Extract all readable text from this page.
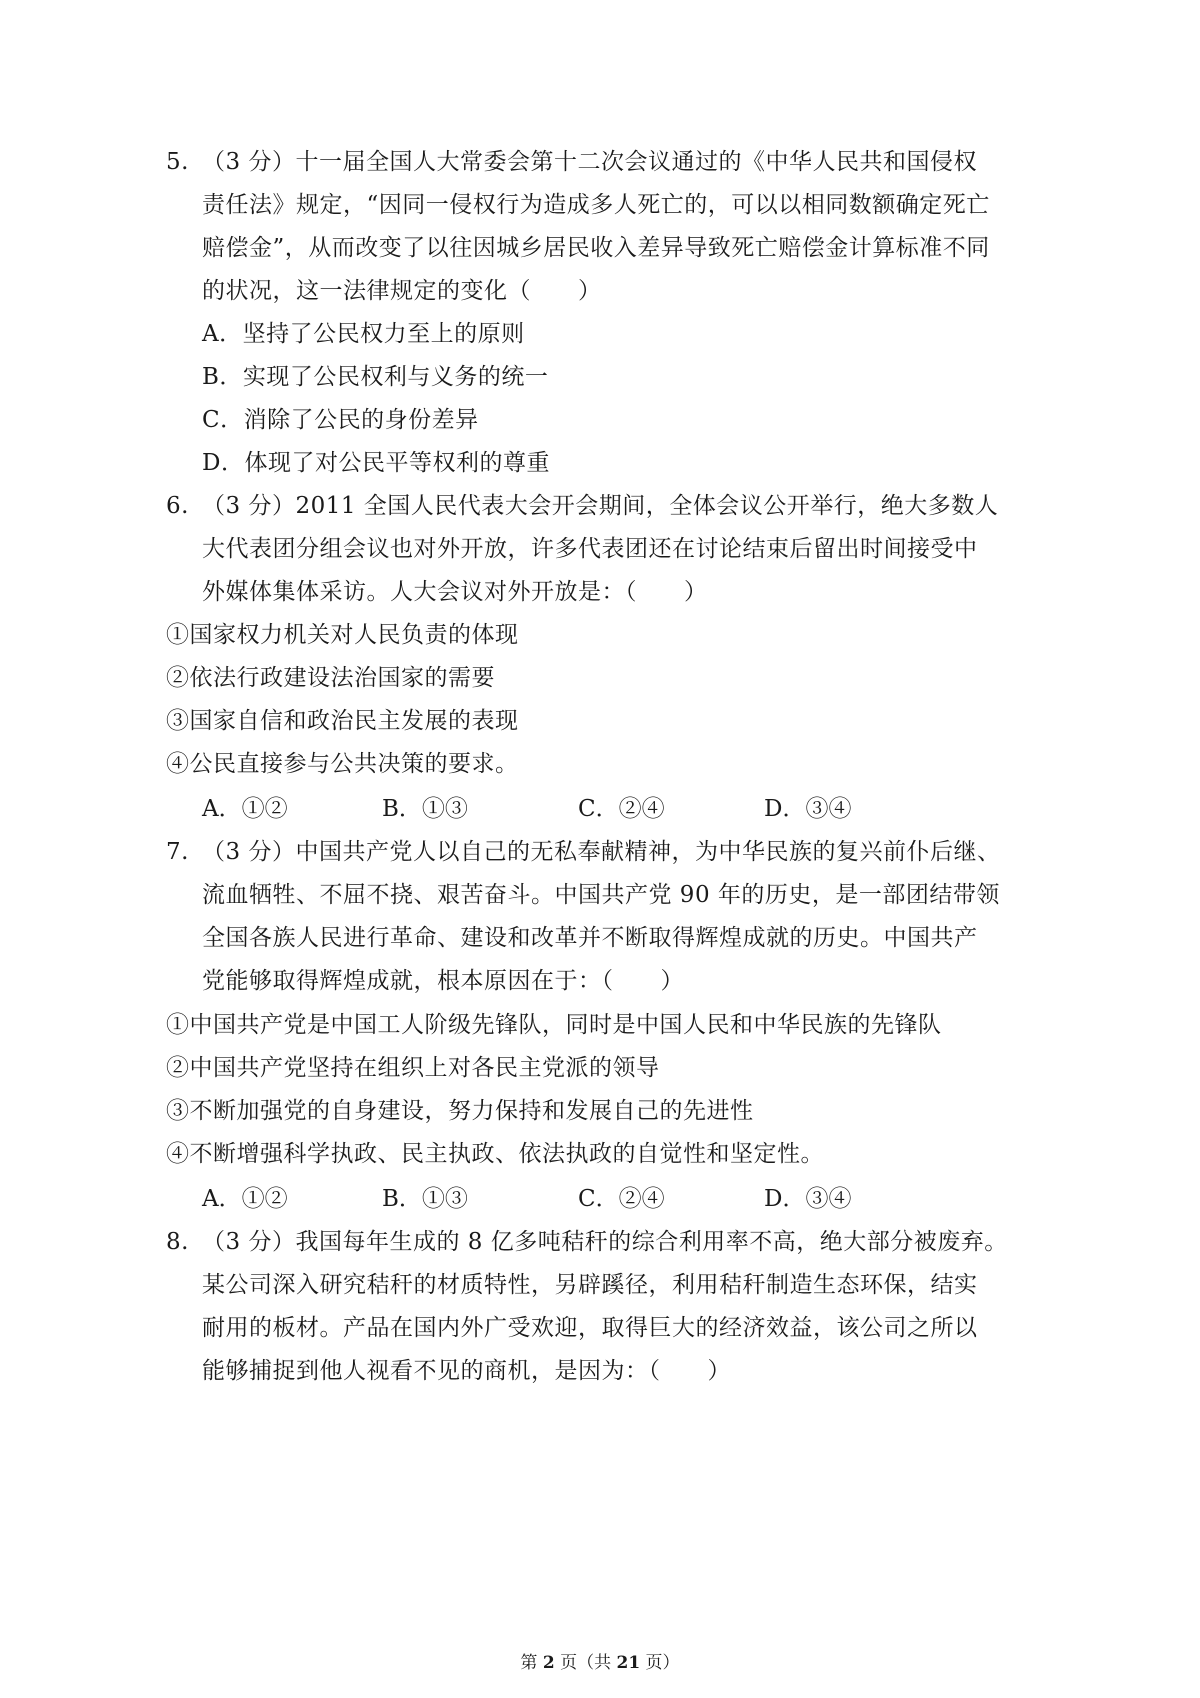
5. （3 分）十一届全国人大常委会第十二次会议通过的《中华人民共和国侵权
责任法》规定，“因同一侵权行为造成多人死亡的，可以以相同数额确定死亡
赔偿金”，从而改变了以往因城乡居民收入差异导致死亡赔偿金计算标准不同
的状况，这一法律规定的变化（　　）
A．坚持了公民权力至上的原则
B．实现了公民权利与义务的统一
C．消除了公民的身份差异
D．体现了对公民平等权利的尊重
6. （3 分）2011 全国人民代表大会开会期间，全体会议公开举行，绝大多数人
大代表团分组会议也对外开放，许多代表团还在讨论结束后留出时间接受中
外媒体集体采访。人大会议对外开放是：（　　）
①国家权力机关对人民负责的体现
②依法行政建设法治国家的需要
③国家自信和政治民主发展的表现
④公民直接参与公共决策的要求。
A．①②	B．①③	C．②④	D．③④
7. （3 分）中国共产党人以自己的无私奉献精神，为中华民族的复兴前仆后继、
流血牺牲、不屈不挠、艰苦奋斗。中国共产党 90 年的历史，是一部团结带领
全国各族人民进行革命、建设和改革并不断取得辉煌成就的历史。中国共产
党能够取得辉煌成就，根本原因在于：（　　）
①中国共产党是中国工人阶级先锋队，同时是中国人民和中华民族的先锋队
②中国共产党坚持在组织上对各民主党派的领导
③不断加强党的自身建设，努力保持和发展自己的先进性
④不断增强科学执政、民主执政、依法执政的自觉性和坚定性。
A．①②	B．①③	C．②④	D．③④
8. （3 分）我国每年生成的 8 亿多吨秸秆的综合利用率不高，绝大部分被废弃。
某公司深入研究秸秆的材质特性，另辟蹊径，利用秸秆制造生态环保，结实
耐用的板材。产品在国内外广受欢迎，取得巨大的经济效益，该公司之所以
能够捕捉到他人视看不见的商机，是因为：（　　）
第 2 页（共 21 页）
